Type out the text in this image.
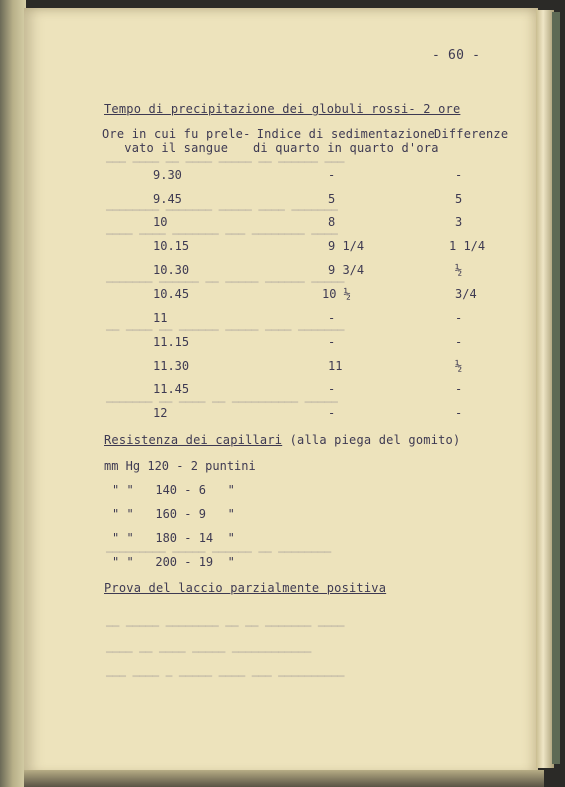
━━━ ━━━━ ━━ ━━━━ ━━━━━ ━━ ━━━━━━ ━━━
━━━━━━━━ ━━━━━━━ ━━━━━ ━━━━ ━━━━━━━
━━━━ ━━━━ ━━━━━━━ ━━━ ━━━━━━━━ ━━━━
━━━━━━━ ━━━━━━ ━━ ━━━━━ ━━━━━━ ━━━━━
━━ ━━━━ ━━ ━━━━━━ ━━━━━ ━━━━ ━━━━━━━
━━━━━━━ ━━ ━━━━ ━━ ━━━━━━━━━━ ━━━━━
━━━━━━━━━ ━━━━━ ━━━━━━ ━━ ━━━━━━━━
━━ ━━━━━ ━━━━━━━━ ━━ ━━ ━━━━━━━ ━━━━
━━━━ ━━ ━━━━ ━━━━━ ━━━━━━━━━━━━
━━━ ━━━━ ━ ━━━━━ ━━━━ ━━━ ━━━━━━━━━━
- 60 -
Tempo di precipitazione dei globuli rossi- 2 ore
Ore in cui fu prele-
vato il sangue
Indice di sedimentazione
di quarto in quarto d'ora
Differenze
9.30	-	-
9.45	5	5
10	8	3
10.15	9 1/4	1 1/4
10.30	9 3/4	½
10.45	10 ½	3/4
11	-	-
11.15	-	-
11.30	11	½
11.45	-	-
12	-	-
Resistenza dei capillari (alla piega del gomito)
mm Hg 120 - 2 puntini
" "   140 - 6   "
" "   160 - 9   "
" "   180 - 14  "
" "   200 - 19  "
Prova del laccio parzialmente positiva
